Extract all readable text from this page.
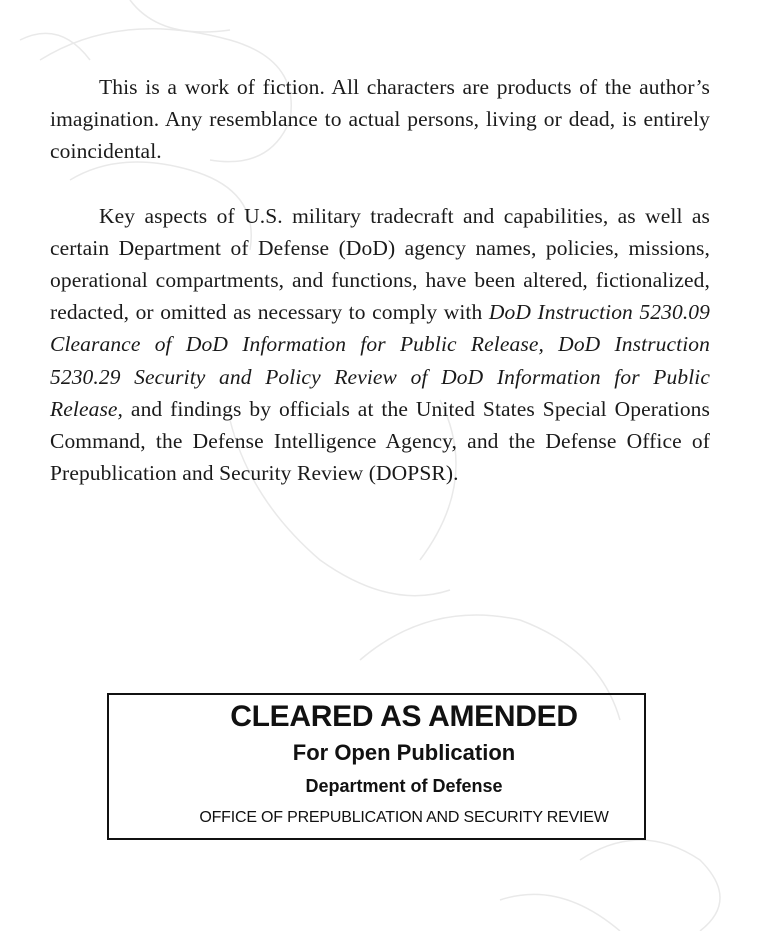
This is a work of fiction. All characters are products of the author’s imagination. Any resemblance to actual persons, living or dead, is entirely coincidental.

Key aspects of U.S. military tradecraft and capabilities, as well as certain Department of Defense (DoD) agency names, policies, missions, operational compartments, and functions, have been altered, fictionalized, redacted, or omitted as necessary to comply with DoD Instruction 5230.09 Clearance of DoD Information for Public Release, DoD Instruction 5230.29 Security and Policy Review of DoD Information for Public Release, and findings by officials at the United States Special Operations Command, the Defense Intelligence Agency, and the Defense Office of Prepublication and Security Review (DOPSR).

CLEARED AS AMENDED
For Open Publication
Department of Defense
OFFICE OF PREPUBLICATION AND SECURITY REVIEW
